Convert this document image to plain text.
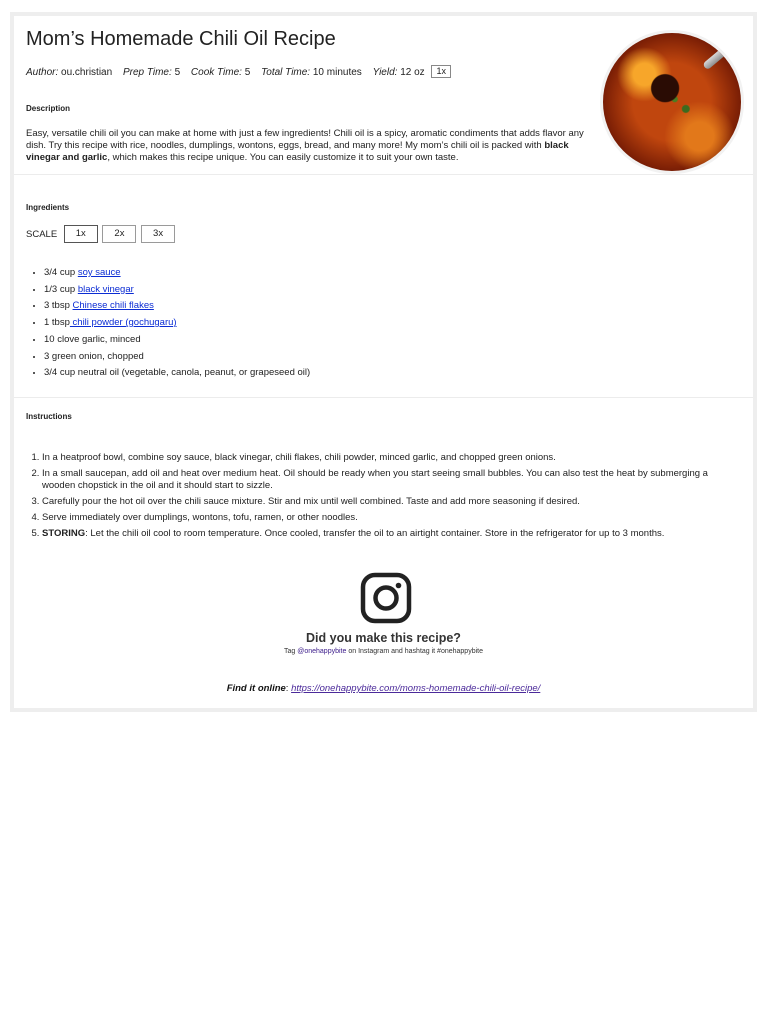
Mom’s Homemade Chili Oil Recipe
Author: ou.christian Prep Time: 5 Cook Time: 5 Total Time: 10 minutes Yield: 12 oz 1x
Description

Easy, versatile chili oil you can make at home with just a few ingredients! Chili oil is a spicy, aromatic condiments that adds flavor any dish. Try this recipe with rice, noodles, dumplings, wontons, eggs, bread, and many more! My mom’s chili oil is packed with black vinegar and garlic, which makes this recipe unique. You can easily customize it to suit your own taste.

Ingredients
SCALE 1x	2x	3x
• 3/4 cup soy sauce
• 1/3 cup black vinegar
• 3 tbsp Chinese chili flakes
• 1 tbsp chili powder (gochugaru)
• 10 clove garlic, minced
• 3 green onion, chopped
• 3/4 cup neutral oil (vegetable, canola, peanut, or grapeseed oil)
Instructions
1. In a heatproof bowl, combine soy sauce, black vinegar, chili flakes, chili powder, minced garlic, and chopped green onions.
2. In a small saucepan, add oil and heat over medium heat. Oil should be ready when you start seeing small bubbles. You can also test the heat by submerging a wooden chopstick in the oil and it should start to sizzle.
3. Carefully pour the hot oil over the chili sauce mixture. Stir and mix until well combined. Taste and add more seasoning if desired.
4. Serve immediately over dumplings, wontons, tofu, ramen, or other noodles.
5. STORING: Let the chili oil cool to room temperature. Once cooled, transfer the oil to an airtight container. Store in the refrigerator for up to 3 months.
Did you make this recipe?
Tag @onehappybite on Instagram and hashtag it #onehappybite
Find it online: https://onehappybite.com/moms-homemade-chili-oil-recipe/
